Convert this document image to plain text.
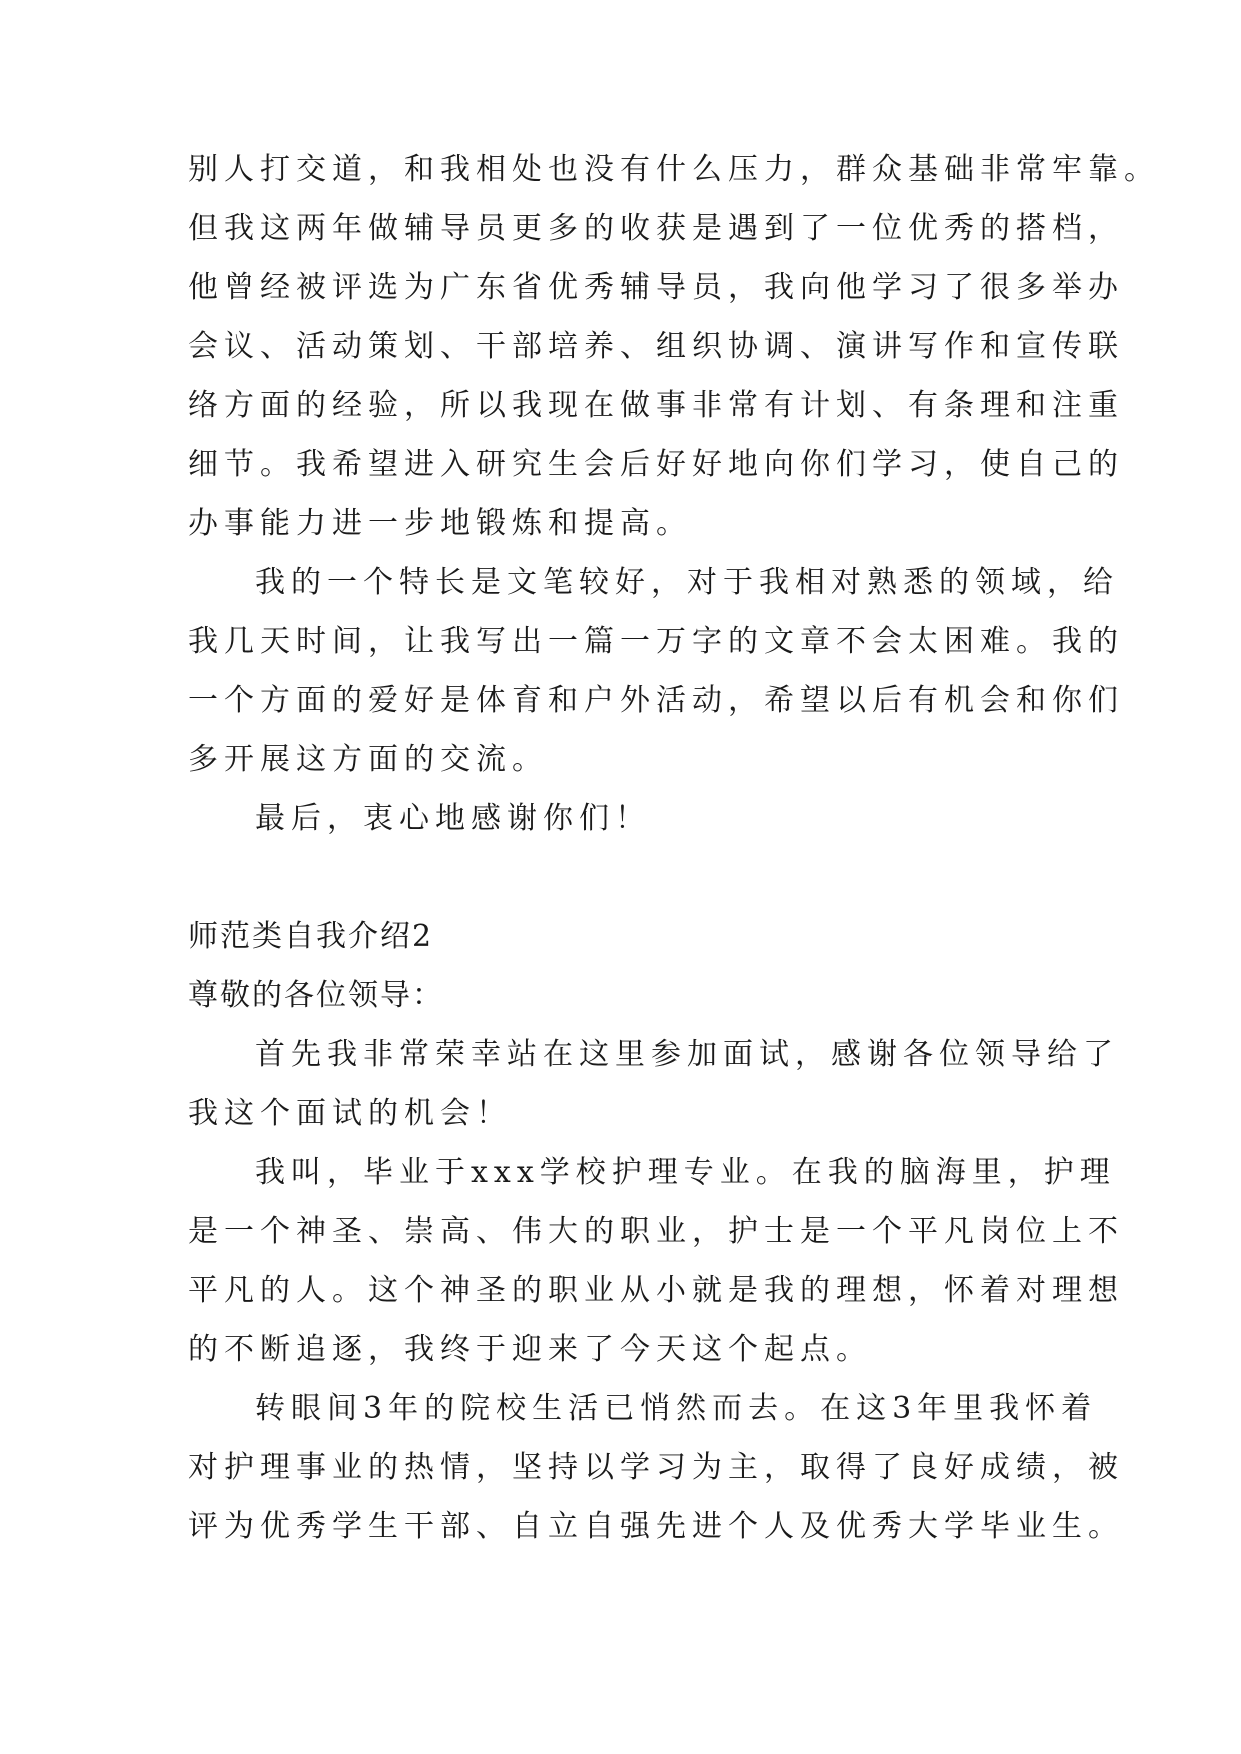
别人打交道，和我相处也没有什么压力，群众基础非常牢靠。
但我这两年做辅导员更多的收获是遇到了一位优秀的搭档，
他曾经被评选为广东省优秀辅导员，我向他学习了很多举办
会议、活动策划、干部培养、组织协调、演讲写作和宣传联
络方面的经验，所以我现在做事非常有计划、有条理和注重
细节。我希望进入研究生会后好好地向你们学习，使自己的
办事能力进一步地锻炼和提高。
我的一个特长是文笔较好，对于我相对熟悉的领域，给
我几天时间，让我写出一篇一万字的文章不会太困难。我的
一个方面的爱好是体育和户外活动，希望以后有机会和你们
多开展这方面的交流。
最后，衷心地感谢你们！
师范类自我介绍2
尊敬的各位领导：
首先我非常荣幸站在这里参加面试，感谢各位领导给了
我这个面试的机会！
我叫，毕业于xxx学校护理专业。在我的脑海里，护理
是一个神圣、崇高、伟大的职业，护士是一个平凡岗位上不
平凡的人。这个神圣的职业从小就是我的理想，怀着对理想
的不断追逐，我终于迎来了今天这个起点。
转眼间3年的院校生活已悄然而去。在这3年里我怀着
对护理事业的热情，坚持以学习为主，取得了良好成绩，被
评为优秀学生干部、自立自强先进个人及优秀大学毕业生。
